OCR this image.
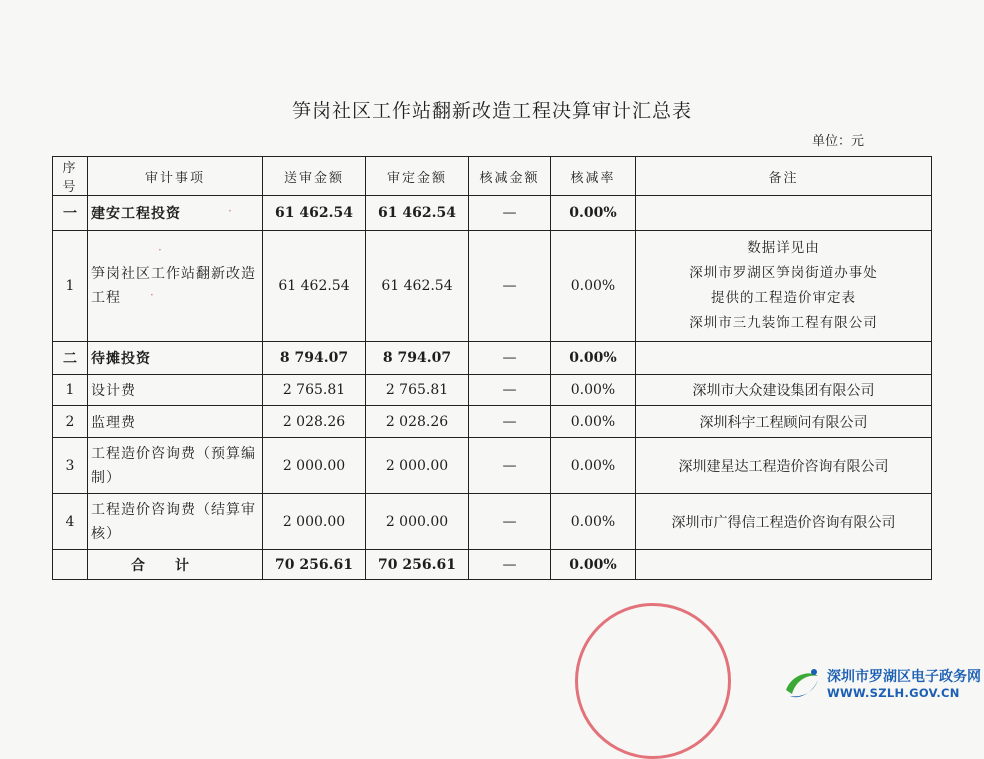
笋岗社区工作站翻新改造工程决算审计汇总表
单位：元
序号	审计事项	送审金额	审定金额	核减金额	核减率	备注
一	建安工程投资	61 462.54	61 462.54	—	0.00%	
1	笋岗社区工作站翻新改造工程	61 462.54	61 462.54	—	0.00%	数据详见由
深圳市罗湖区笋岗街道办事处
提供的工程造价审定表
深圳市三九装饰工程有限公司

二	待摊投资	8 794.07	8 794.07	—	0.00%	
1	设计费	2 765.81	2 765.81	—	0.00%	深圳市大众建设集团有限公司
2	监理费	2 028.26	2 028.26	—	0.00%	深圳科宇工程顾问有限公司
3	工程造价咨询费（预算编制）	2 000.00	2 000.00	—	0.00%	深圳建星达工程造价咨询有限公司
4	工程造价咨询费（结算审核）	2 000.00	2 000.00	—	0.00%	深圳市广得信工程造价咨询有限公司
	合计	70 256.61	70 256.61	—	0.00%	
·
·
·
深圳市罗湖区电子政务网
WWW.SZLH.GOV.CN
